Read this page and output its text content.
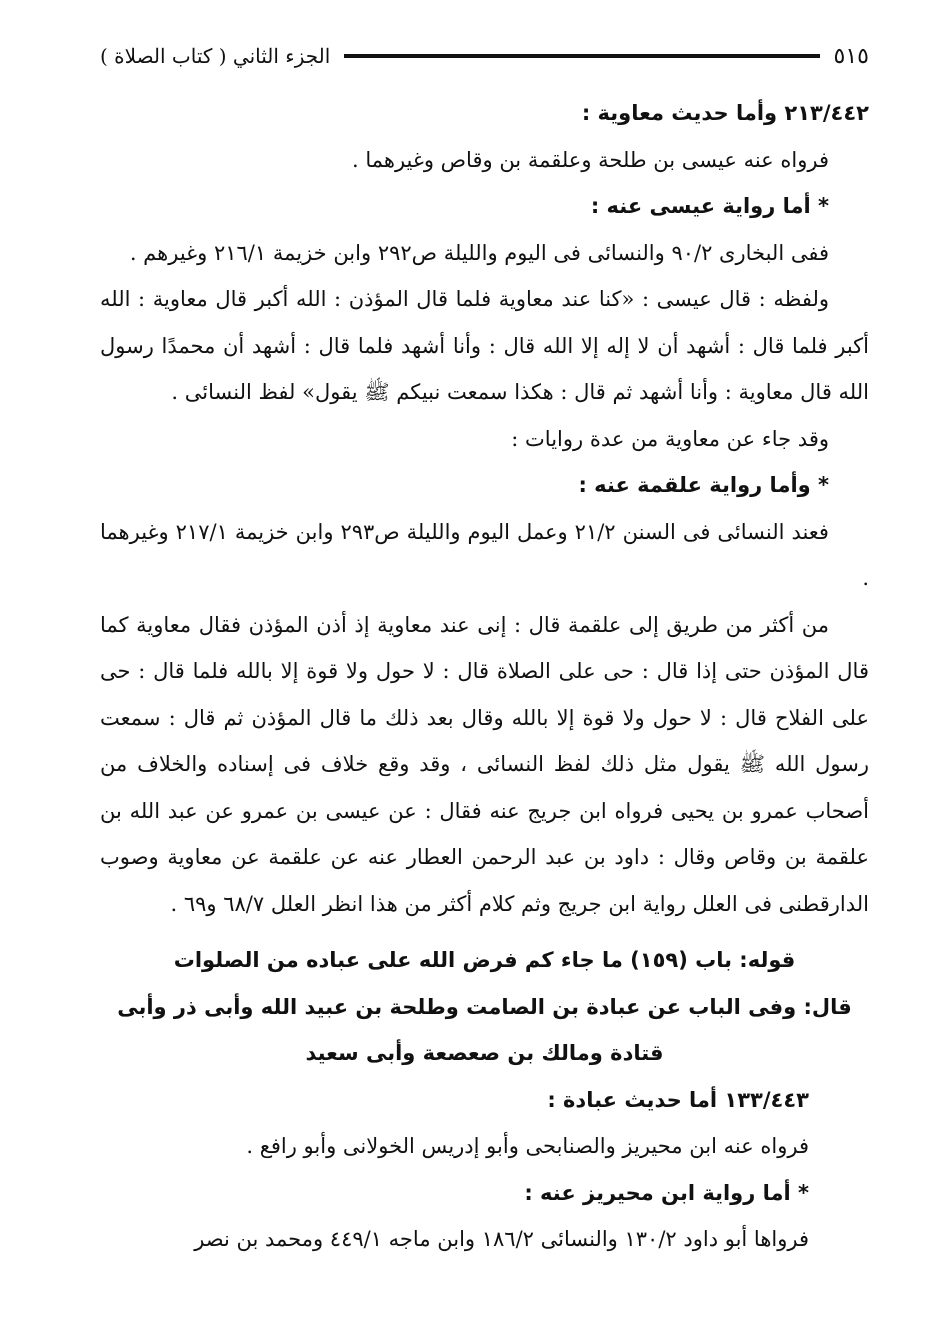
الجزء الثاني ( كتاب الصلاة )	٥١٥

٢١٣/٤٤٢ وأما حديث معاوية :

فرواه عنه عيسى بن طلحة وعلقمة بن وقاص وغيرهما .

* أما رواية عيسى عنه :

ففى البخارى ٩٠/٢ والنسائى فى اليوم والليلة ص٢٩٢ وابن خزيمة ٢١٦/١ وغيرهم .

ولفظه : قال عيسى : «كنا عند معاوية فلما قال المؤذن : الله أكبر قال معاوية : الله أكبر فلما قال : أشهد أن لا إله إلا الله قال : وأنا أشهد فلما قال : أشهد أن محمدًا رسول الله قال معاوية : وأنا أشهد ثم قال : هكذا سمعت نبيكم ﷺ يقول» لفظ النسائى .

وقد جاء عن معاوية من عدة روايات :

* وأما رواية علقمة عنه :

فعند النسائى فى السنن ٢١/٢ وعمل اليوم والليلة ص٢٩٣ وابن خزيمة ٢١٧/١ وغيرهما .

من أكثر من طريق إلى علقمة قال : إنى عند معاوية إذ أذن المؤذن فقال معاوية كما قال المؤذن حتى إذا قال : حى على الصلاة قال : لا حول ولا قوة إلا بالله فلما قال : حى على الفلاح قال : لا حول ولا قوة إلا بالله وقال بعد ذلك ما قال المؤذن ثم قال : سمعت رسول الله ﷺ يقول مثل ذلك لفظ النسائى ، وقد وقع خلاف فى إسناده والخلاف من أصحاب عمرو بن يحيى فرواه ابن جريج عنه فقال : عن عيسى بن عمرو عن عبد الله بن علقمة بن وقاص وقال : داود بن عبد الرحمن العطار عنه عن علقمة عن معاوية وصوب الدارقطنى فى العلل رواية ابن جريج وثم كلام أكثر من هذا انظر العلل ٦٨/٧ و٦٩ .

قوله: باب (١٥٩) ما جاء كم فرض الله على عباده من الصلوات

قال: وفى الباب عن عبادة بن الصامت وطلحة بن عبيد الله وأبى ذر وأبى قتادة ومالك بن صعصعة وأبى سعيد

١٣٣/٤٤٣ أما حديث عبادة :

فرواه عنه ابن محيريز والصنابحى وأبو إدريس الخولانى وأبو رافع .

* أما رواية ابن محيريز عنه :

فرواها أبو داود ١٣٠/٢ والنسائى ١٨٦/٢ وابن ماجه ٤٤٩/١ ومحمد بن نصر
